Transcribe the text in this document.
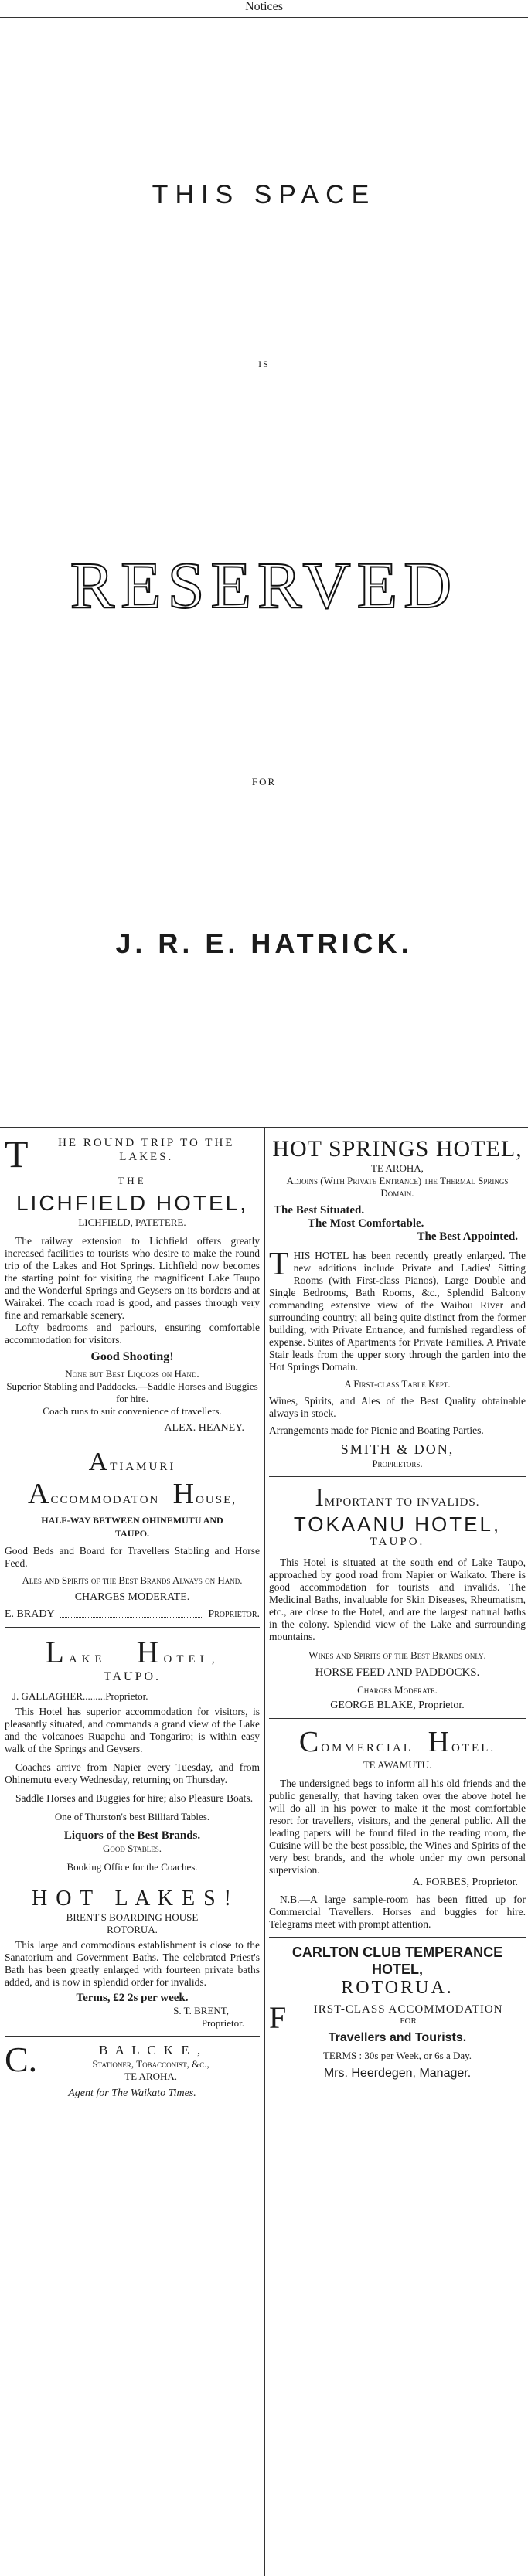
Notices
THIS SPACE
IS
RESERVED
FOR
J. R. E. HATRICK.
T	HE ROUND TRIP TO THE LAKES.
THE
LICHFIELD HOTEL,
LICHFIELD, PATETERE.

The railway extension to Lichfield offers greatly increased facilities to tourists who desire to make the round trip of the Lakes and Hot Springs. Lichfield now becomes the starting point for visiting the magnificent Lake Taupo and the Wonderful Springs and Geysers on its borders and at Wairakei. The coach road is good, and passes through very fine and remarkable scenery.

Lofty bedrooms and parlours, ensuring comfortable accommodation for visitors.

Good Shooting!
None but Best Liquors on Hand.
Superior Stabling and Paddocks.—Saddle Horses and Buggies for hire.
Coach runs to suit convenience of travellers.
ALEX. HEANEY.
ATIAMURI
ACCOMMODATON HOUSE,
HALF-WAY BETWEEN OHINEMUTU AND TAUPO.

Good Beds and Board for Travellers Stabling and Horse Feed.

Ales and Spirits of the Best Brands Always on Hand.

CHARGES MODERATE.
E. BRADY	Proprietor.
LAKE HOTEL,
TAUPO.
J. GALLAGHER.........Proprietor.

This Hotel has superior accommodation for visitors, is pleasantly situated, and commands a grand view of the Lake and the volcanoes Ruapehu and Tongariro; is within easy walk of the Springs and Geysers.

Coaches arrive from Napier every Tuesday, and from Ohinemutu every Wednesday, returning on Thursday.

Saddle Horses and Buggies for hire; also Pleasure Boats.

One of Thurston's best Billiard Tables.

Liquors of the Best Brands.
Good Stables.
Booking Office for the Coaches.
H O T   L A K E S !
BRENT'S BOARDING HOUSE
ROTORUA.

This large and commodious establishment is close to the Sanatorium and Government Baths. The celebrated Priest's Bath has been greatly enlarged with fourteen private baths added, and is now in splendid order for invalids.

Terms, £2 2s per week.
S. T. BRENT,
Proprietor.
C.	B A L C K E ,
Stationer, Tobacconist, &c.,
TE AROHA.
Agent for The Waikato Times.
HOT SPRINGS HOTEL,
TE AROHA,
Adjoins (With Private Entrance) the Thermal Springs Domain.
The Best Situated.
The Most Comfortable.
The Best Appointed.
T HIS HOTEL has been recently greatly enlarged. The new additions include Private and Ladies' Sitting Rooms (with First-class Pianos), Large Double and Single Bedrooms, Bath Rooms, &c., Splendid Balcony commanding extensive view of the Waihou River and surrounding country; all being quite distinct from the former building, with Private Entrance, and furnished regardless of expense. Suites of Apartments for Private Families. A Private Stair leads from the upper story through the garden into the Hot Springs Domain.

A First-class Table Kept.

Wines, Spirits, and Ales of the Best Quality obtainable always in stock.

Arrangements made for Picnic and Boating Parties.

SMITH & DON,
Proprietors.
IMPORTANT TO INVALIDS.
TOKAANU HOTEL,
TAUPO.

This Hotel is situated at the south end of Lake Taupo, approached by good road from Napier or Waikato. There is good accommodation for tourists and invalids. The Medicinal Baths, invaluable for Skin Diseases, Rheumatism, etc., are close to the Hotel, and are the largest natural baths in the colony. Splendid view of the Lake and surrounding mountains.

Wines and Spirits of the Best Brands only.
HORSE FEED AND PADDOCKS.
Charges Moderate.
GEORGE BLAKE, Proprietor.
COMMERCIAL HOTEL.
TE AWAMUTU.

The undersigned begs to inform all his old friends and the public generally, that having taken over the above hotel he will do all in his power to make it the most comfortable resort for travellers, visitors, and the general public. All the leading papers will be found filed in the reading room, the Cuisine will be the best possible, the Wines and Spirits of the very best brands, and the whole under my own personal supervision.

A. FORBES, Proprietor.

N.B.—A large sample-room has been fitted up for Commercial Travellers. Horses and buggies for hire. Telegrams meet with prompt attention.

CARLTON CLUB TEMPERANCE HOTEL,
ROTORUA.
F	IRST-CLASS ACCOMMODATION
FOR
Travellers and Tourists.
TERMS : 30s per Week, or 6s a Day.
Mrs. Heerdegen, Manager.
